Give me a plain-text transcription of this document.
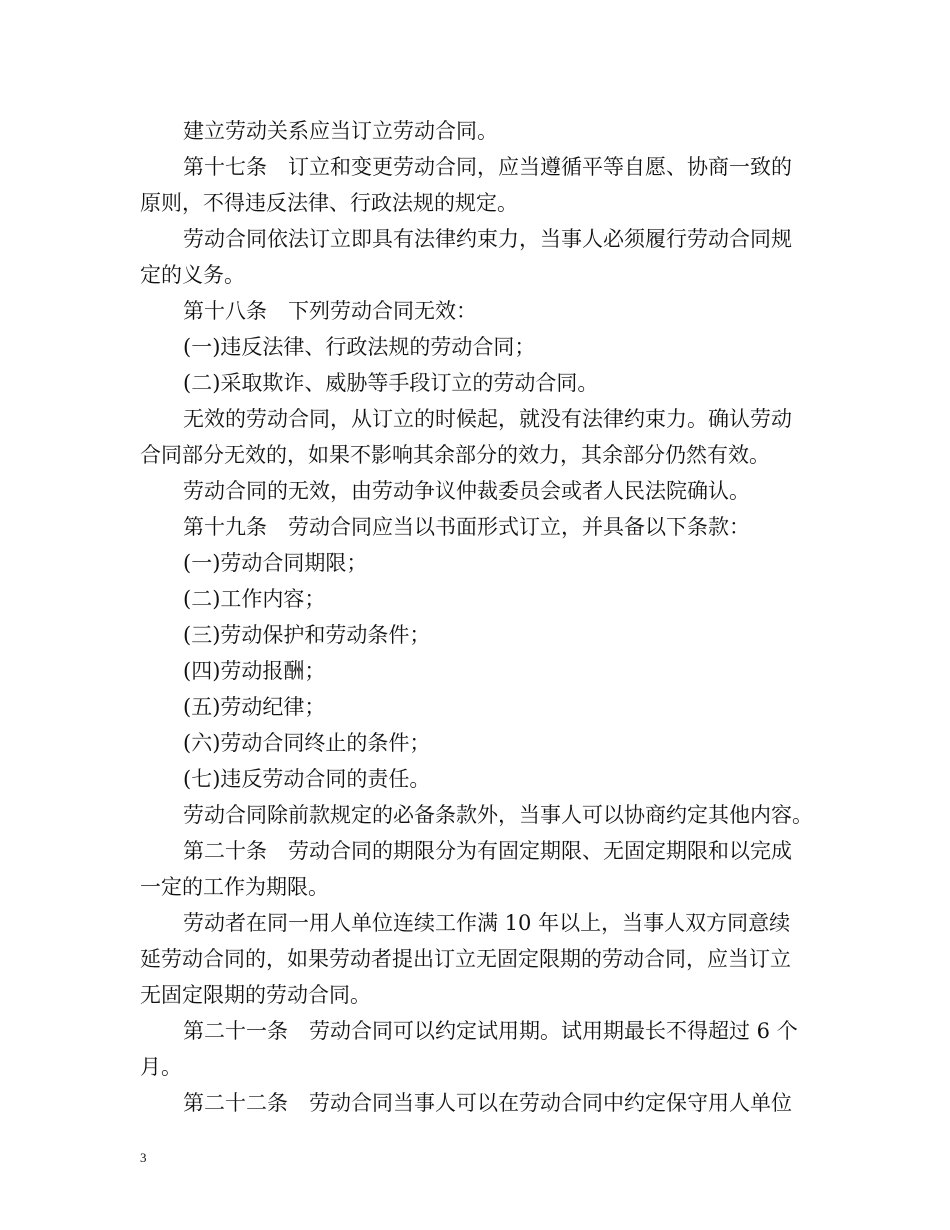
建立劳动关系应当订立劳动合同。

第十七条　订立和变更劳动合同，应当遵循平等自愿、协商一致的

原则，不得违反法律、行政法规的规定。

劳动合同依法订立即具有法律约束力，当事人必须履行劳动合同规

定的义务。

第十八条　下列劳动合同无效：

(一)违反法律、行政法规的劳动合同；

(二)采取欺诈、威胁等手段订立的劳动合同。

无效的劳动合同，从订立的时候起，就没有法律约束力。确认劳动

合同部分无效的，如果不影响其余部分的效力，其余部分仍然有效。

劳动合同的无效，由劳动争议仲裁委员会或者人民法院确认。

第十九条　劳动合同应当以书面形式订立，并具备以下条款：

(一)劳动合同期限；

(二)工作内容；

(三)劳动保护和劳动条件；

(四)劳动报酬；

(五)劳动纪律；

(六)劳动合同终止的条件；

(七)违反劳动合同的责任。

劳动合同除前款规定的必备条款外，当事人可以协商约定其他内容。

第二十条　劳动合同的期限分为有固定期限、无固定期限和以完成

一定的工作为期限。

劳动者在同一用人单位连续工作满 10 年以上，当事人双方同意续

延劳动合同的，如果劳动者提出订立无固定限期的劳动合同，应当订立

无固定限期的劳动合同。

第二十一条　劳动合同可以约定试用期。试用期最长不得超过 6 个

月。

第二十二条　劳动合同当事人可以在劳动合同中约定保守用人单位

3
